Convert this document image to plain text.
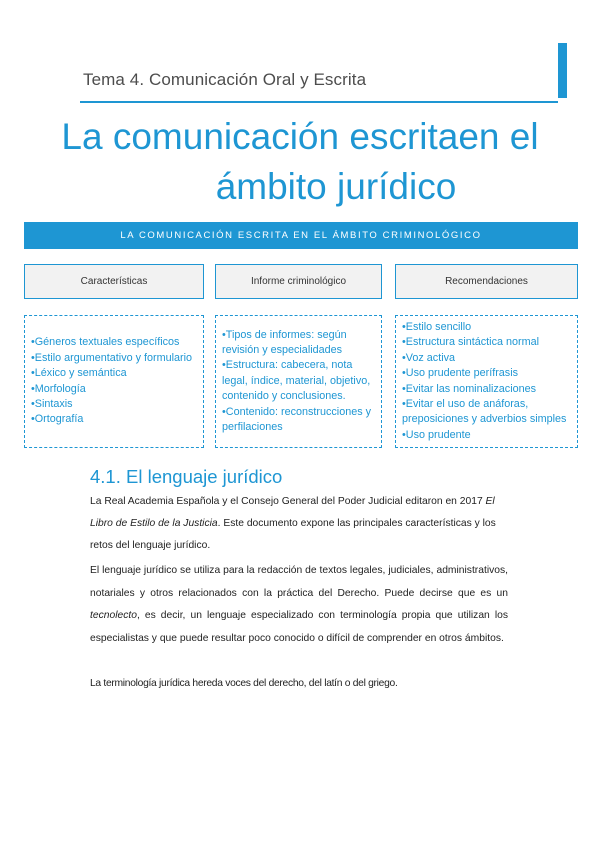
Tema 4. Comunicación Oral y Escrita
La comunicación escritaen el
ámbito jurídico
LA COMUNICACIÓN ESCRITA EN EL ÁMBITO CRIMINOLÓGICO
Características	Informe criminológico	Recomendaciones
•Géneros textuales específicos
•Estilo argumentativo y formulario
•Léxico y semántica
•Morfología
•Sintaxis
•Ortografía
•Tipos de informes: según revisión y especialidades
•Estructura: cabecera, nota legal, índice, material, objetivo, contenido y conclusiones.
•Contenido: reconstrucciones y perfilaciones
•Estilo sencillo
•Estructura sintáctica normal
•Voz activa
•Uso prudente perífrasis
•Evitar las nominalizaciones
•Evitar el uso de anáforas, preposiciones y adverbios simples
•Uso prudente
4.1. El lenguaje jurídico

La Real Academia Española y el Consejo General del Poder Judicial editaron en 2017 El Libro de Estilo de la Justicia. Este documento expone las principales características y los retos del lenguaje jurídico.

El lenguaje jurídico se utiliza para la redacción de textos legales, judiciales, administrativos, notariales y otros relacionados con la práctica del Derecho. Puede decirse que es un tecnolecto, es decir, un lenguaje especializado con terminología propia que utilizan los especialistas y que puede resultar poco conocido o difícil de comprender en otros ámbitos.

La terminología jurídica hereda voces del derecho, del latín o del griego.
